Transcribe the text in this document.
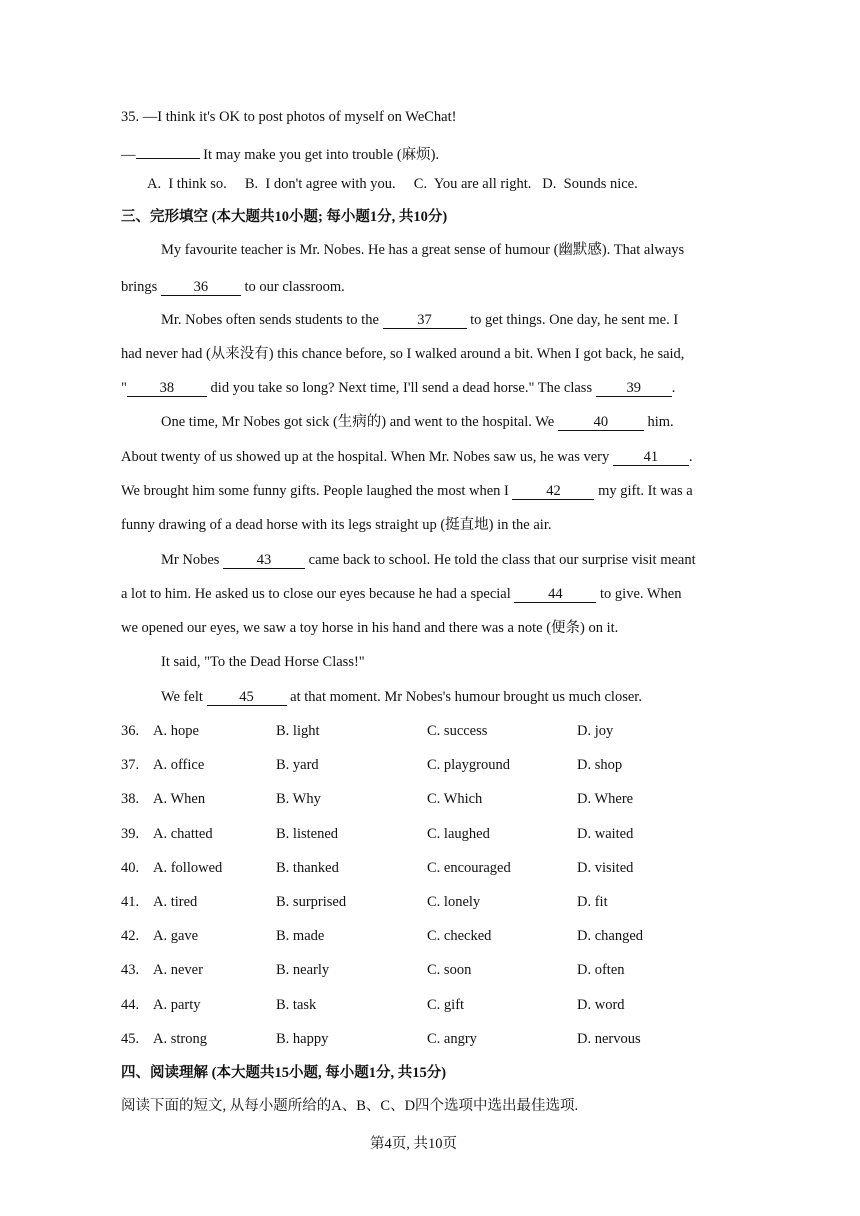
35. —I think it's OK to post photos of myself on WeChat!
—	It may make you get into trouble (麻烦).
A.  I think so.     B.  I don't agree with you.     C.  You are all right.   D.  Sounds nice.
三、完形填空 (本大题共10小题; 每小题1分, 共10分)
My favourite teacher is Mr. Nobes. He has a great sense of humour (幽默感). That always
brings 36 to our classroom.
Mr. Nobes often sends students to the 37 to get things. One day, he sent me. I
had never had (从来没有) this chance before, so I walked around a bit. When I got back, he said,
" 38 did you take so long? Next time, I'll send a dead horse." The class 39 .
One time, Mr Nobes got sick (生病的) and went to the hospital. We 40 him.
About twenty of us showed up at the hospital. When Mr. Nobes saw us, he was very 41 .
We brought him some funny gifts. People laughed the most when I 42 my gift. It was a
funny drawing of a dead horse with its legs straight up (挺直地) in the air.
Mr Nobes 43 came back to school. He told the class that our surprise visit meant
a lot to him. He asked us to close our eyes because he had a special 44 to give. When
we opened our eyes, we saw a toy horse in his hand and there was a note (便条) on it.
It said, "To the Dead Horse Class!"
We felt 45 at that moment. Mr Nobes's humour brought us much closer.
36. A. hope	B. light	C. success	D. joy
37. A. office	B. yard	C. playground	D. shop
38. A. When	B. Why	C. Which	D. Where
39. A. chatted	B. listened	C. laughed	D. waited
40. A. followed	B. thanked	C. encouraged	D. visited
41. A. tired	B. surprised	C. lonely	D. fit
42. A. gave	B. made	C. checked	D. changed
43. A. never	B. nearly	C. soon	D. often
44. A. party	B. task	C. gift	D. word
45. A. strong	B. happy	C. angry	D. nervous
四、阅读理解 (本大题共15小题, 每小题1分, 共15分)
阅读下面的短文, 从每小题所给的A、B、C、D四个选项中选出最佳选项.
第4页, 共10页
